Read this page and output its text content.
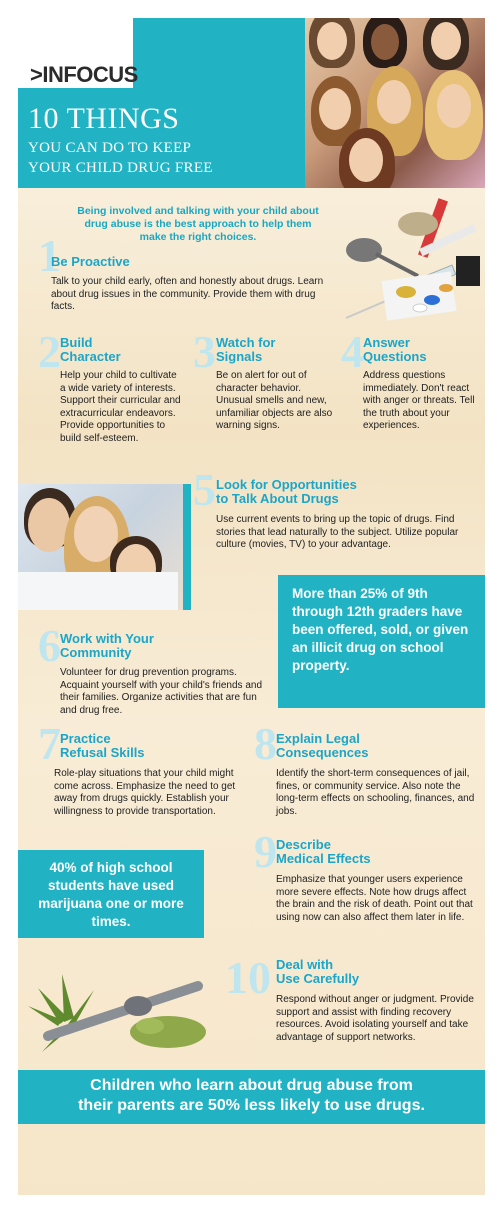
>INFOCUS
10 THINGS
YOU CAN DO TO KEEP
YOUR CHILD DRUG FREE
Being involved and talking with your child about drug abuse is the best approach to help them make the right choices.
1
Be Proactive
Talk to your child early, often and honestly about drugs. Learn about drug issues in the community. Provide them with drug facts.
2 Build
Character
Help your child to cultivate a wide variety of interests. Support their curricular and extracurricular endeavors. Provide opportunities to build self-esteem.
3 Watch for
Signals
Be on alert for out of character behavior. Unusual smells and new, unfamiliar objects are also warning signs.
4 Answer
Questions
Address questions immediately. Don't react with anger or threats. Tell the truth about your experiences.
5 Look for Opportunities
to Talk About Drugs
Use current events to bring up the topic of drugs. Find stories that lead naturally to the subject. Utilize popular culture (movies, TV) to your advantage.
More than 25% of 9th through 12th graders have been offered, sold, or given an illicit drug on school property.
6 Work with Your
Community
Volunteer for drug prevention programs. Acquaint yourself with your child's friends and their families. Organize activities that are fun and drug free.
7 Practice
Refusal Skills
Role-play situations that your child might come across. Emphasize the need to get away from drugs quickly. Establish your willingness to provide transportation.
8 Explain Legal
Consequences
Identify the short-term consequences of jail, fines, or community service. Also note the long-term effects on schooling, finances, and jobs.
40% of high school students have used marijuana one or more times.
9 Describe
Medical Effects
Emphasize that younger users experience more severe effects. Note how drugs affect the brain and the risk of death. Point out that using now can also affect them later in life.
10 Deal with
Use Carefully
Respond without anger or judgment. Provide support and assist with finding recovery resources. Avoid isolating yourself and take advantage of support networks.
Children who learn about drug abuse from
their parents are 50% less likely to use drugs.
